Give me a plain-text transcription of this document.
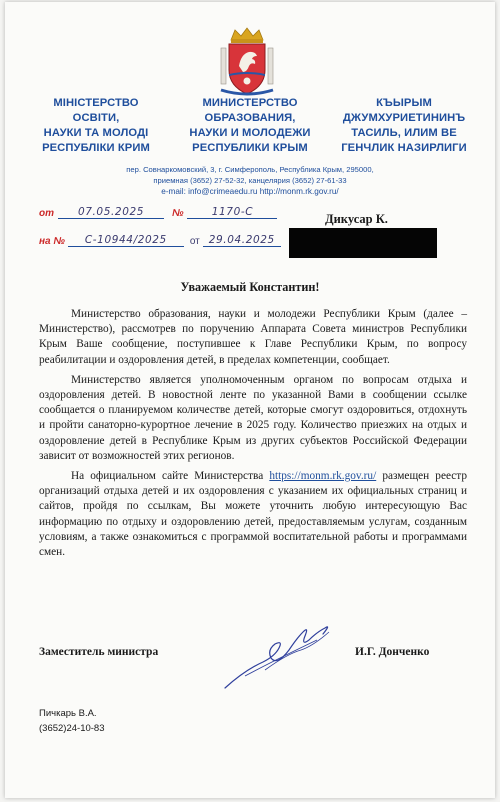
МІНІСТЕРСТВО
ОСВІТИ,
НАУКИ ТА МОЛОДІ
РЕСПУБЛІКИ КРИМ
МИНИСТЕРСТВО
ОБРАЗОВАНИЯ,
НАУКИ И МОЛОДЕЖИ
РЕСПУБЛИКИ КРЫМ
КЪЫРЫМ
ДЖУМХУРИЕТИНИНЪ
ТАСИЛЬ, ИЛИМ ВЕ
ГЕНЧЛИК НАЗИРЛИГИ
пер. Совнаркомовский, 3, г. Симферополь, Республика Крым, 295000,
приемная (3652) 27-52-32, канцелярия (3652) 27-61-33
e-mail: info@crimeaedu.ru http://monm.rk.gov.ru/
от	07.05.2025	№	1170-С
на №	С-10944/2025	от 29.04.2025
Дикусар К.
Уважаемый Константин!

Министерство образования, науки и молодежи Республики Крым (далее – Министерство), рассмотрев по поручению Аппарата Совета министров Республики Крым Ваше сообщение, поступившее к Главе Республики Крым, по вопросу реабилитации и оздоровления детей, в пределах компетенции, сообщает.

Министерство является уполномоченным органом по вопросам отдыха и оздоровления детей. В новостной ленте по указанной Вами в сообщении ссылке сообщается о планируемом количестве детей, которые смогут оздоровиться, отдохнуть и пройти санаторно-курортное лечение в 2025 году. Количество приезжих на отдых и оздоровление детей в Республике Крым из других субъектов Российской Федерации зависит от возможностей этих регионов.

На официальном сайте Министерства https://monm.rk.gov.ru/ размещен реестр организаций отдыха детей и их оздоровления с указанием их официальных страниц и сайтов, пройдя по ссылкам, Вы можете уточнить любую интересующую Вас информацию по отдыху и оздоровлению детей, предоставляемым услугам, созданным условиям, а также ознакомиться с программой воспитательной работы и программами смен.

Заместитель министра	И.Г. Донченко
Пичкарь В.А.
(3652)24-10-83
